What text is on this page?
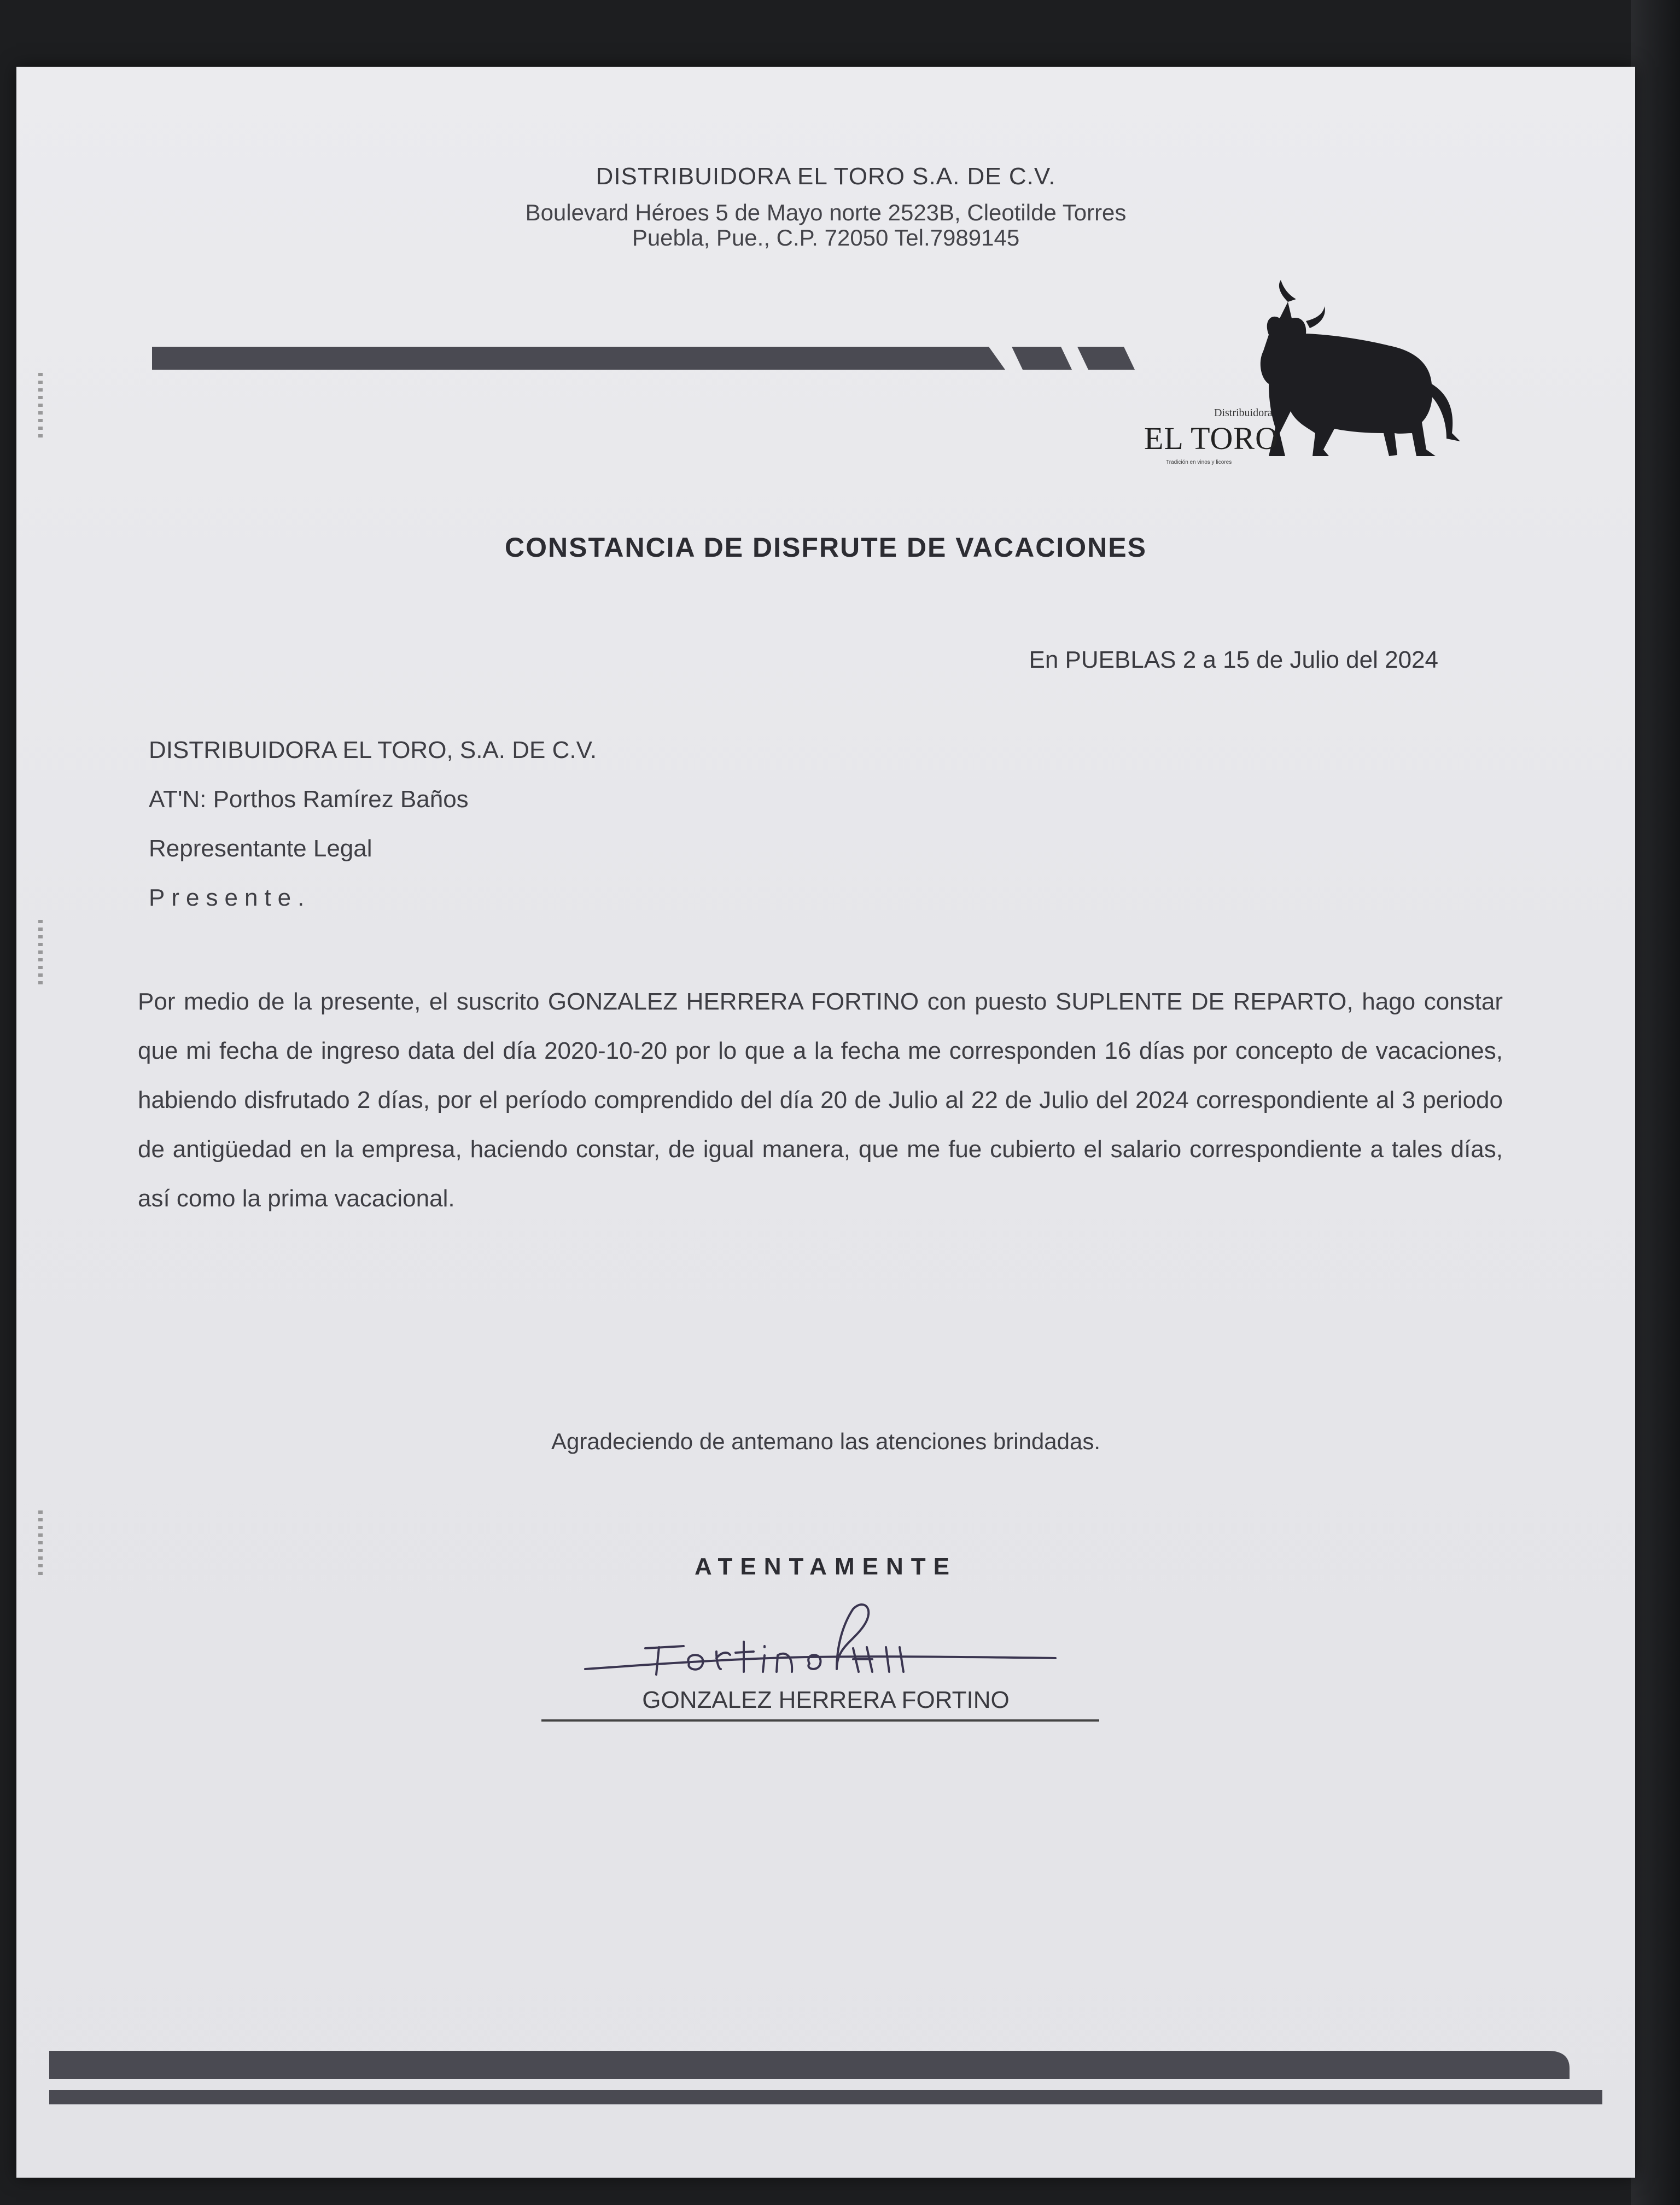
DISTRIBUIDORA EL TORO S.A. DE C.V.
Boulevard Héroes 5 de Mayo norte 2523B, Cleotilde Torres
Puebla, Pue., C.P. 72050 Tel.7989145
Distribuidora
EL TORO
Tradición en vinos y licores
CONSTANCIA DE DISFRUTE DE VACACIONES
En PUEBLAS 2 a 15 de Julio del 2024
DISTRIBUIDORA EL TORO, S.A. DE C.V.
AT'N: Porthos Ramírez Baños
Representante Legal
Presente.
Por medio de la presente, el suscrito GONZALEZ HERRERA FORTINO con puesto SUPLENTE DE REPARTO, hago constar que mi fecha de ingreso data del día 2020-10-20 por lo que a la fecha me corresponden 16 días por concepto de vacaciones, habiendo disfrutado 2 días, por el período comprendido del día 20 de Julio al 22 de Julio del 2024 correspondiente al 3 periodo de antigüedad en la empresa, haciendo constar, de igual manera, que me fue cubierto el salario correspondiente a tales días, así como la prima vacacional.
Agradeciendo de antemano las atenciones brindadas.
ATENTAMENTE
GONZALEZ HERRERA FORTINO
